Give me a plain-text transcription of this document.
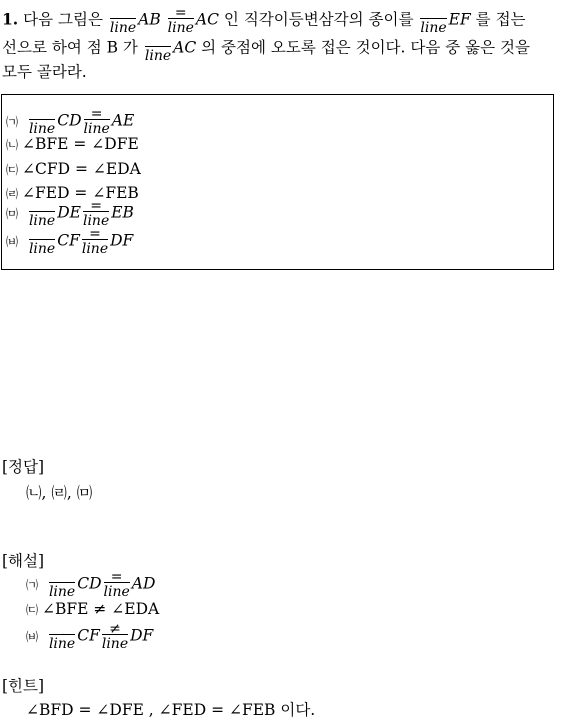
1. 다음 그림은 line AB $\frac{=}{\text{line}}$ AC 인 직각이등변삼각의 종이를 line EF 를 접는
선으로 하여 점 B 가 line AC 의 중점에 오도록 접은 것이다. 다음 중 옳은 것을
모두 골라라.
㈀ line CD $\frac{=}{\text{line}}$ AE
㈁ ∠BFE = ∠DFE
㈂ ∠CFD = ∠EDA
㈃ ∠FED = ∠FEB
㈄ line DE $\frac{=}{\text{line}}$ EB
㈅ line CF $\frac{=}{\text{line}}$ DF
[정답]
㈁, ㈃, ㈄
[해설]
㈀ line CD $\frac{=}{\text{line}}$ AD
㈂ ∠BFE ≠ ∠EDA
㈅ line CF $\frac{\ne}{\text{line}}$ DF
[힌트]
∠BFD = ∠DFE , ∠FED = ∠FEB 이다.
